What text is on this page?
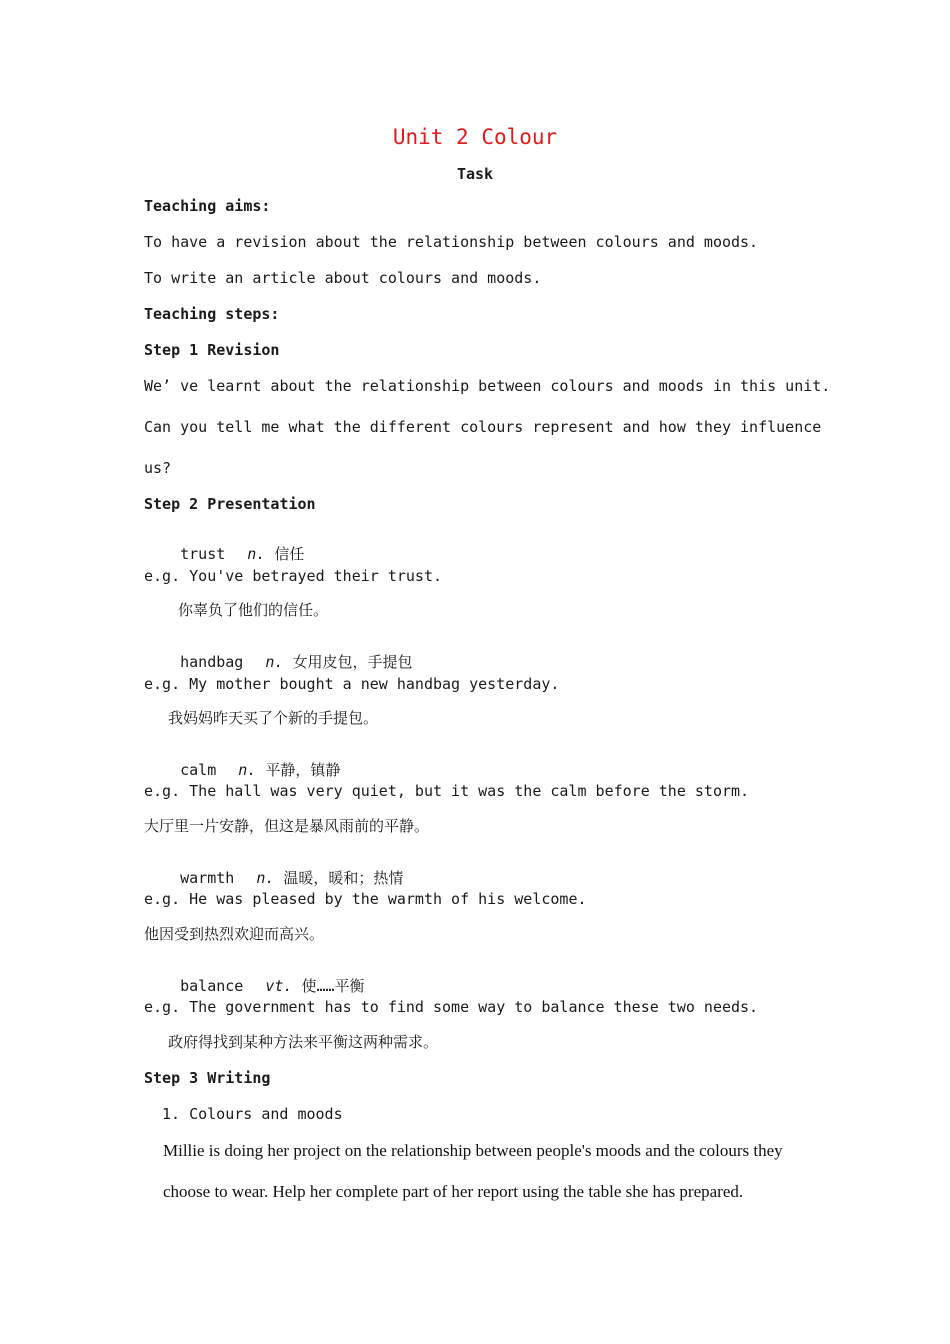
Unit 2 Colour
Task
Teaching aims:
To have a revision about the relationship between colours and moods.
To write an article about colours and moods.
Teaching steps:
Step 1 Revision
We’ ve learnt about the relationship between colours and moods in this unit.
Can you tell me what the different colours represent and how they influence
us?
Step 2 Presentation

trust n. 信任

e.g. You've betrayed their trust.
你辜负了他们的信任。

handbag n. 女用皮包，手提包

e.g. My mother bought a new handbag yesterday.
我妈妈昨天买了个新的手提包。

calm n. 平静，镇静

e.g. The hall was very quiet, but it was the calm before the storm.
大厅里一片安静，但这是暴风雨前的平静。

warmth n. 温暖，暖和；热情

e.g. He was pleased by the warmth of his welcome.
他因受到热烈欢迎而高兴。

balance vt. 使……平衡

e.g. The government has to find some way to balance these two needs.
政府得找到某种方法来平衡这两种需求。
Step 3 Writing
1. Colours and moods
Millie is doing her project on the relationship between people's moods and the colours they
choose to wear. Help her complete part of her report using the table she has prepared.
